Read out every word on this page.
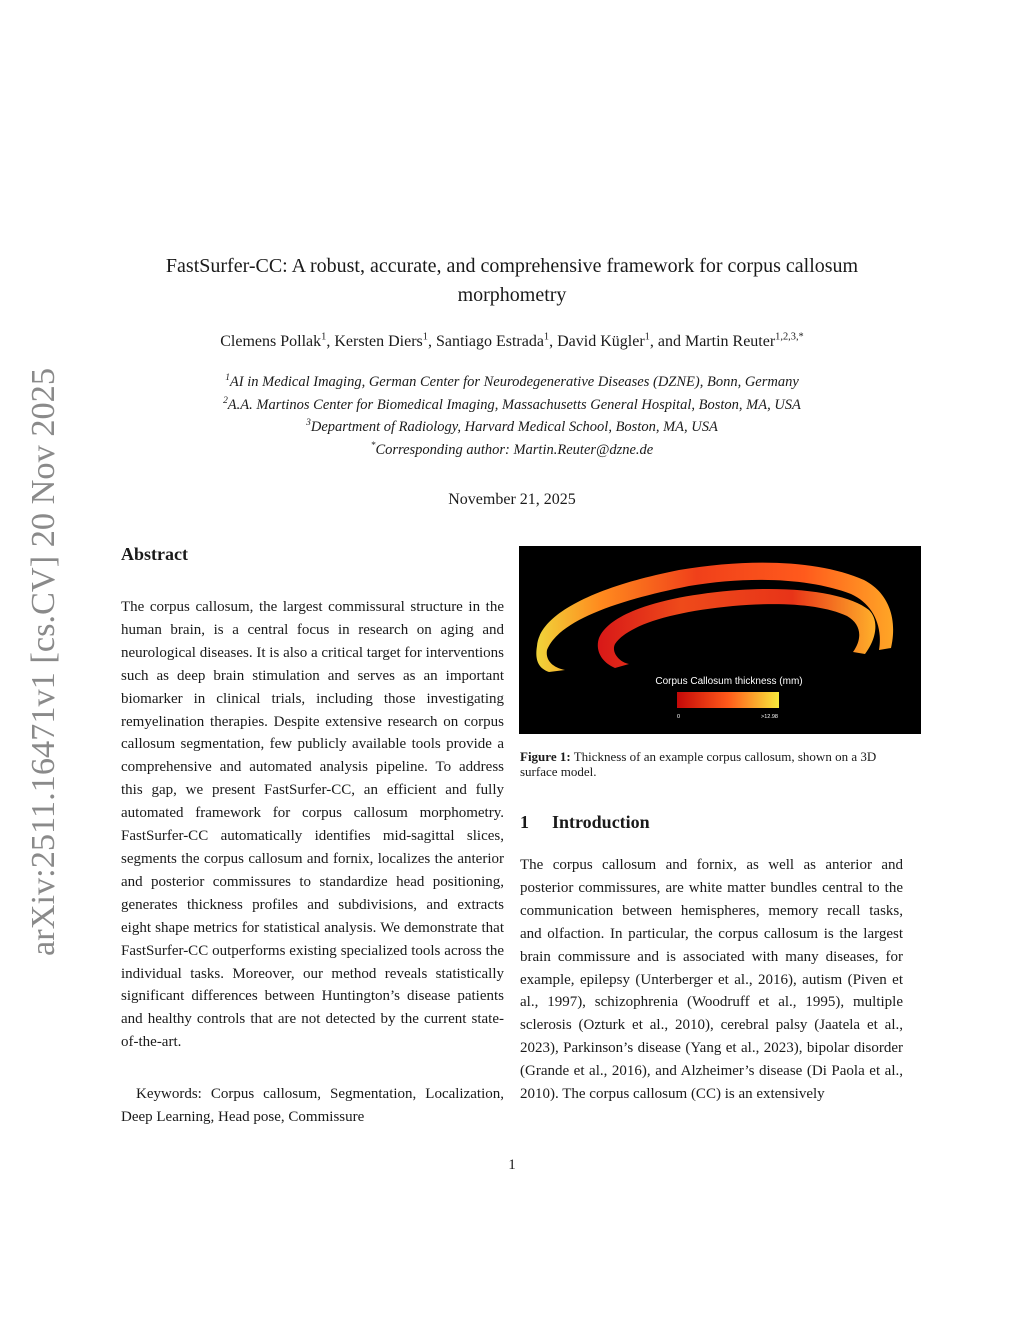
arXiv:2511.16471v1 [cs.CV] 20 Nov 2025
FastSurfer-CC: A robust, accurate, and comprehensive framework for corpus callosum
morphometry
Clemens Pollak$^1$, Kersten Diers$^1$, Santiago Estrada$^1$, David Kügler$^1$, and Martin Reuter$^{1,2,3,*}$
$^1$AI in Medical Imaging, German Center for Neurodegenerative Diseases (DZNE), Bonn, Germany
$^2$A.A. Martinos Center for Biomedical Imaging, Massachusetts General Hospital, Boston, MA, USA
$^3$Department of Radiology, Harvard Medical School, Boston, MA, USA
*Corresponding author: Martin.Reuter@dzne.de
November 21, 2025
Abstract
The corpus callosum, the largest commissural structure in the human brain, is a central focus in research on aging and neurological diseases. It is also a critical target for interventions such as deep brain stimulation and serves as an important biomarker in clinical trials, including those investigating remyelination therapies. Despite extensive research on corpus callosum segmentation, few publicly available tools provide a comprehensive and automated analysis pipeline. To address this gap, we present FastSurfer-CC, an efficient and fully automated framework for corpus callosum morphometry. FastSurfer-CC automatically identifies mid-sagittal slices, segments the corpus callosum and fornix, localizes the anterior and posterior commissures to standardize head positioning, generates thickness profiles and subdivisions, and extracts eight shape metrics for statistical analysis. We demonstrate that FastSurfer-CC outperforms existing specialized tools across the individual tasks. Moreover, our method reveals statistically significant differences between Huntington’s disease patients and healthy controls that are not detected by the current state-of-the-art.
Keywords: Corpus callosum, Segmentation, Localization, Deep Learning, Head pose, Commissure
Corpus Callosum thickness (mm)
0	>12.98
Figure 1: Thickness of an example corpus callosum, shown on a 3D surface model.
1 Introduction
The corpus callosum and fornix, as well as anterior and posterior commissures, are white matter bundles central to the communication between hemispheres, memory recall tasks, and olfaction. In particular, the corpus callosum is the largest brain commissure and is associated with many diseases, for example, epilepsy (Unterberger et al., 2016), autism (Piven et al., 1997), schizophrenia (Woodruff et al., 1995), multiple sclerosis (Ozturk et al., 2010), cerebral palsy (Jaatela et al., 2023), Parkinson’s disease (Yang et al., 2023), bipolar disorder (Grande et al., 2016), and Alzheimer’s disease (Di Paola et al., 2010). The corpus callosum (CC) is an extensively
1
